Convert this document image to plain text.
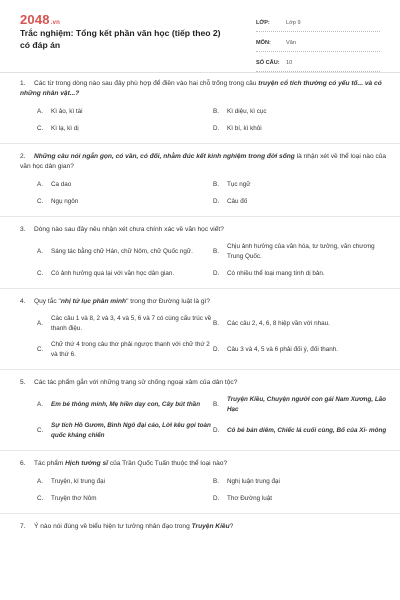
2048.vn
Trắc nghiệm: Tổng kết phần văn học (tiếp theo 2) có đáp án
LỚP:	Lớp 9
MÔN:	Văn
SỐ CÂU:	10
1. Các từ trong dòng nào sau đây phù hợp để điền vào hai chỗ trống trong câu truyện cổ tích thường có yếu tố... và có những nhân vật...?
A.	Kì ảo, kì tài	B.	Kì diệu, kì cục
C.	Kì lạ, kì dị	D.	Kì bí, kì khôi
2. Những câu nói ngắn gọn, có vần, có đối, nhằm đúc kết kinh nghiệm trong đời sống là nhận xét về thể loại nào của văn học dân gian?
A.	Ca dao	B.	Tục ngữ
C.	Ngụ ngôn	D.	Câu đố
3. Dòng nào sau đây nêu nhận xét chưa chính xác về văn học viết?
A.	Sáng tác bằng chữ Hán, chữ Nôm, chữ Quốc ngữ.	B.
Chịu ảnh hưởng của văn hóa, tư tưởng, văn chương Trung Quốc.
C.	Có ảnh hưởng qua lại với văn học dân gian.	D.	Có nhiều thể loại mang tính dị bản.
4. Quy tắc "nhị tứ lục phân minh" trong thơ Đường luật là gì?
A.
Các câu 1 và 8, 2 và 3, 4 và 5, 6 và 7 có cùng cấu trúc về thanh điệu.
B.	Các câu 2, 4, 6, 8 hiệp vần với nhau.
C.
Chữ thứ 4 trong câu thơ phải ngược thanh với chữ thứ 2 và thứ 6.
D.	Câu 3 và 4, 5 và 6 phải đối ý, đối thanh.
5. Các tác phẩm gắn với những trang sử chống ngoại xâm của dân tộc?
A.	Em bé thông minh, Mẹ hiền dạy con, Cây bút thần B.
Truyện Kiều, Chuyện người con gái Nam Xương, Lão Hạc
C.
Sự tích Hồ Gươm, Bình Ngô đại cáo, Lời kêu gọi toàn quốc kháng chiến
D.	Cô bé bán diêm, Chiếc lá cuối cùng, Bố của Xi- mông
6. Tác phẩm Hịch tướng sĩ của Trần Quốc Tuấn thuộc thể loại nào?
A.	Truyện, kí trung đại	B.	Nghị luận trung đại
C.	Truyện thơ Nôm	D.	Thơ Đường luật
7. Ý nào nói đúng về biểu hiện tư tưởng nhân đạo trong Truyện Kiều?
